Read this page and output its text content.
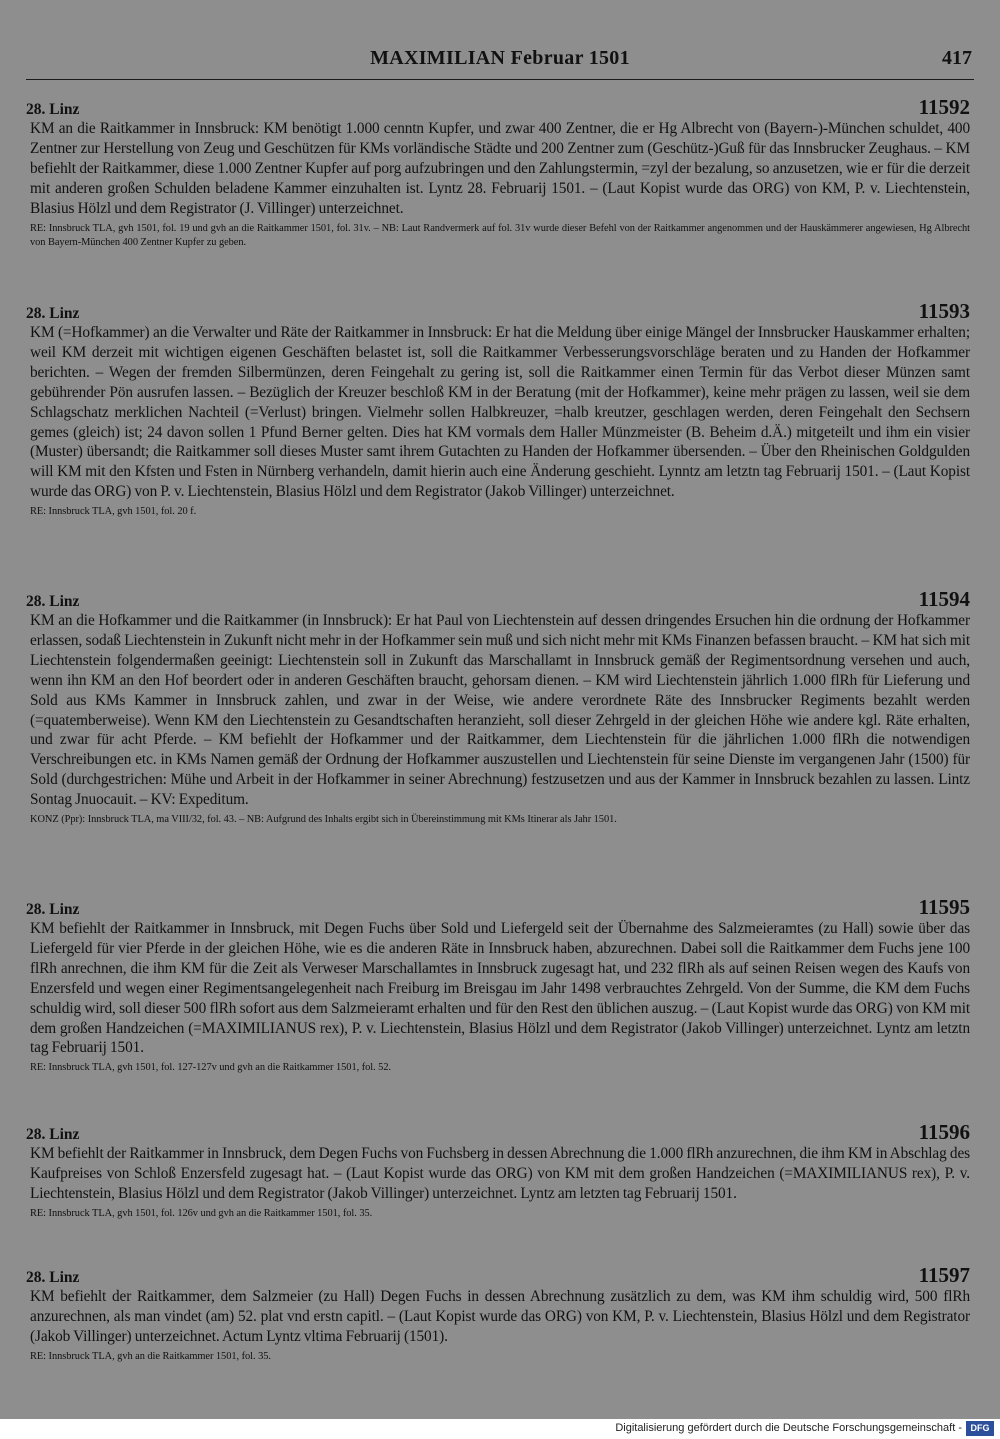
MAXIMILIAN Februar 1501	417
28. Linz	11592

KM an die Raitkammer in Innsbruck: KM benötigt 1.000 cenntn Kupfer, und zwar 400 Zentner, die er Hg Albrecht von (Bayern-)-München schuldet, 400 Zentner zur Herstellung von Zeug und Geschützen für KMs vorländische Städte und 200 Zentner zum (Geschütz-)Guß für das Innsbrucker Zeughaus. – KM befiehlt der Raitkammer, diese 1.000 Zentner Kupfer auf porg aufzubringen und den Zahlungstermin, =zyl der bezalung, so anzusetzen, wie er für die derzeit mit anderen großen Schulden beladene Kammer einzuhalten ist. Lyntz 28. Februarij 1501. – (Laut Kopist wurde das ORG) von KM, P. v. Liechtenstein, Blasius Hölzl und dem Registrator (J. Villinger) unterzeichnet.

RE: Innsbruck TLA, gvh 1501, fol. 19 und gvh an die Raitkammer 1501, fol. 31v. – NB: Laut Randvermerk auf fol. 31v wurde dieser Befehl von der Raitkammer angenommen und der Hauskämmerer angewiesen, Hg Albrecht von Bayern-München 400 Zentner Kupfer zu geben.

28. Linz	11593

KM (=Hofkammer) an die Verwalter und Räte der Raitkammer in Innsbruck: Er hat die Meldung über einige Mängel der Innsbrucker Hauskammer erhalten; weil KM derzeit mit wichtigen eigenen Geschäften belastet ist, soll die Raitkammer Verbesserungsvorschläge beraten und zu Handen der Hofkammer berichten. – Wegen der fremden Silbermünzen, deren Feingehalt zu gering ist, soll die Raitkammer einen Termin für das Verbot dieser Münzen samt gebührender Pön ausrufen lassen. – Bezüglich der Kreuzer beschloß KM in der Beratung (mit der Hofkammer), keine mehr prägen zu lassen, weil sie dem Schlagschatz merklichen Nachteil (=Verlust) bringen. Vielmehr sollen Halbkreuzer, =halb kreutzer, geschlagen werden, deren Feingehalt den Sechsern gemes (gleich) ist; 24 davon sollen 1 Pfund Berner gelten. Dies hat KM vormals dem Haller Münzmeister (B. Beheim d.Ä.) mitgeteilt und ihm ein visier (Muster) übersandt; die Raitkammer soll dieses Muster samt ihrem Gutachten zu Handen der Hofkammer übersenden. – Über den Rheinischen Goldgulden will KM mit den Kfsten und Fsten in Nürnberg verhandeln, damit hierin auch eine Änderung geschieht. Lynntz am letztn tag Februarij 1501. – (Laut Kopist wurde das ORG) von P. v. Liechtenstein, Blasius Hölzl und dem Registrator (Jakob Villinger) unterzeichnet.

RE: Innsbruck TLA, gvh 1501, fol. 20 f.

28. Linz	11594

KM an die Hofkammer und die Raitkammer (in Innsbruck): Er hat Paul von Liechtenstein auf dessen dringendes Ersuchen hin die ordnung der Hofkammer erlassen, sodaß Liechtenstein in Zukunft nicht mehr in der Hofkammer sein muß und sich nicht mehr mit KMs Finanzen befassen braucht. – KM hat sich mit Liechtenstein folgendermaßen geeinigt: Liechtenstein soll in Zukunft das Marschallamt in Innsbruck gemäß der Regimentsordnung versehen und auch, wenn ihn KM an den Hof beordert oder in anderen Geschäften braucht, gehorsam dienen. – KM wird Liechtenstein jährlich 1.000 flRh für Lieferung und Sold aus KMs Kammer in Innsbruck zahlen, und zwar in der Weise, wie andere verordnete Räte des Innsbrucker Regiments bezahlt werden (=quatemberweise). Wenn KM den Liechtenstein zu Gesandtschaften heranzieht, soll dieser Zehrgeld in der gleichen Höhe wie andere kgl. Räte erhalten, und zwar für acht Pferde. – KM befiehlt der Hofkammer und der Raitkammer, dem Liechtenstein für die jährlichen 1.000 flRh die notwendigen Verschreibungen etc. in KMs Namen gemäß der Ordnung der Hofkammer auszustellen und Liechtenstein für seine Dienste im vergangenen Jahr (1500) für Sold (durchgestrichen: Mühe und Arbeit in der Hofkammer in seiner Abrechnung) festzusetzen und aus der Kammer in Innsbruck bezahlen zu lassen. Lintz Sontag Jnuocauit. – KV: Expeditum.

KONZ (Ppr): Innsbruck TLA, ma VIII/32, fol. 43. – NB: Aufgrund des Inhalts ergibt sich in Übereinstimmung mit KMs Itinerar als Jahr 1501.

28. Linz	11595

KM befiehlt der Raitkammer in Innsbruck, mit Degen Fuchs über Sold und Liefergeld seit der Übernahme des Salzmeieramtes (zu Hall) sowie über das Liefergeld für vier Pferde in der gleichen Höhe, wie es die anderen Räte in Innsbruck haben, abzurechnen. Dabei soll die Raitkammer dem Fuchs jene 100 flRh anrechnen, die ihm KM für die Zeit als Verweser Marschallamtes in Innsbruck zugesagt hat, und 232 flRh als auf seinen Reisen wegen des Kaufs von Enzersfeld und wegen einer Regimentsangelegenheit nach Freiburg im Breisgau im Jahr 1498 verbrauchtes Zehrgeld. Von der Summe, die KM dem Fuchs schuldig wird, soll dieser 500 flRh sofort aus dem Salzmeieramt erhalten und für den Rest den üblichen auszug. – (Laut Kopist wurde das ORG) von KM mit dem großen Handzeichen (=MAXIMILIANUS rex), P. v. Liechtenstein, Blasius Hölzl und dem Registrator (Jakob Villinger) unterzeichnet. Lyntz am letztn tag Februarij 1501.

RE: Innsbruck TLA, gvh 1501, fol. 127-127v und gvh an die Raitkammer 1501, fol. 52.

28. Linz	11596

KM befiehlt der Raitkammer in Innsbruck, dem Degen Fuchs von Fuchsberg in dessen Abrechnung die 1.000 flRh anzurechnen, die ihm KM in Abschlag des Kaufpreises von Schloß Enzersfeld zugesagt hat. – (Laut Kopist wurde das ORG) von KM mit dem großen Handzeichen (=MAXIMILIANUS rex), P. v. Liechtenstein, Blasius Hölzl und dem Registrator (Jakob Villinger) unterzeichnet. Lyntz am letzten tag Februarij 1501.

RE: Innsbruck TLA, gvh 1501, fol. 126v und gvh an die Raitkammer 1501, fol. 35.

28. Linz	11597

KM befiehlt der Raitkammer, dem Salzmeier (zu Hall) Degen Fuchs in dessen Abrechnung zusätzlich zu dem, was KM ihm schuldig wird, 500 flRh anzurechnen, als man vindet (am) 52. plat vnd erstn capitl. – (Laut Kopist wurde das ORG) von KM, P. v. Liechtenstein, Blasius Hölzl und dem Registrator (Jakob Villinger) unterzeichnet. Actum Lyntz vltima Februarij (1501).

RE: Innsbruck TLA, gvh an die Raitkammer 1501, fol. 35.

Digitalisierung gefördert durch die Deutsche Forschungsgemeinschaft - DFG
